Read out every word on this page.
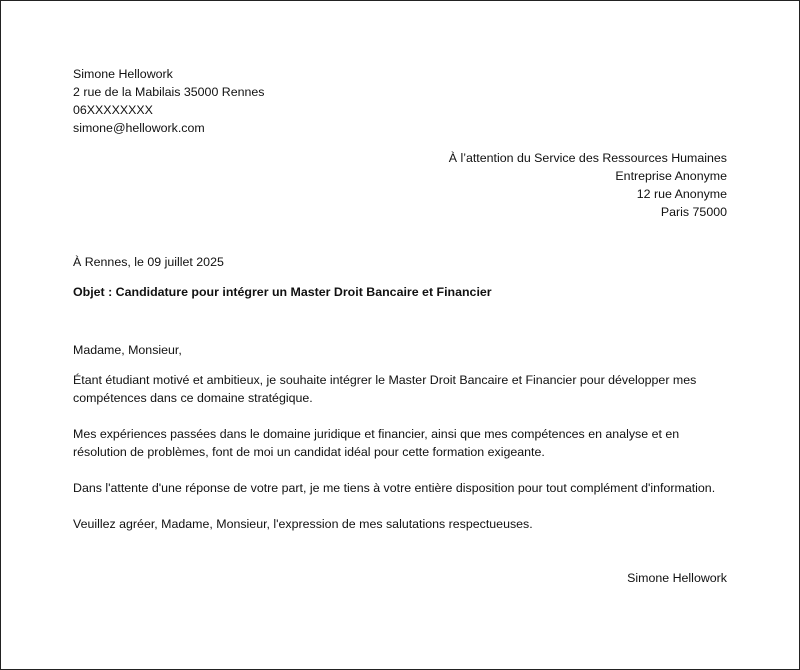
Simone Hellowork
2 rue de la Mabilais 35000 Rennes
06XXXXXXXX
simone@hellowork.com
À l’attention du Service des Ressources Humaines
Entreprise Anonyme
12 rue Anonyme
Paris 75000
À Rennes, le 09 juillet 2025
Objet : Candidature pour intégrer un Master Droit Bancaire et Financier
Madame, Monsieur,
Étant étudiant motivé et ambitieux, je souhaite intégrer le Master Droit Bancaire et Financier pour développer mes compétences dans ce domaine stratégique.
Mes expériences passées dans le domaine juridique et financier, ainsi que mes compétences en analyse et en résolution de problèmes, font de moi un candidat idéal pour cette formation exigeante.
Dans l'attente d'une réponse de votre part, je me tiens à votre entière disposition pour tout complément d'information.
Veuillez agréer, Madame, Monsieur, l'expression de mes salutations respectueuses.
Simone Hellowork
